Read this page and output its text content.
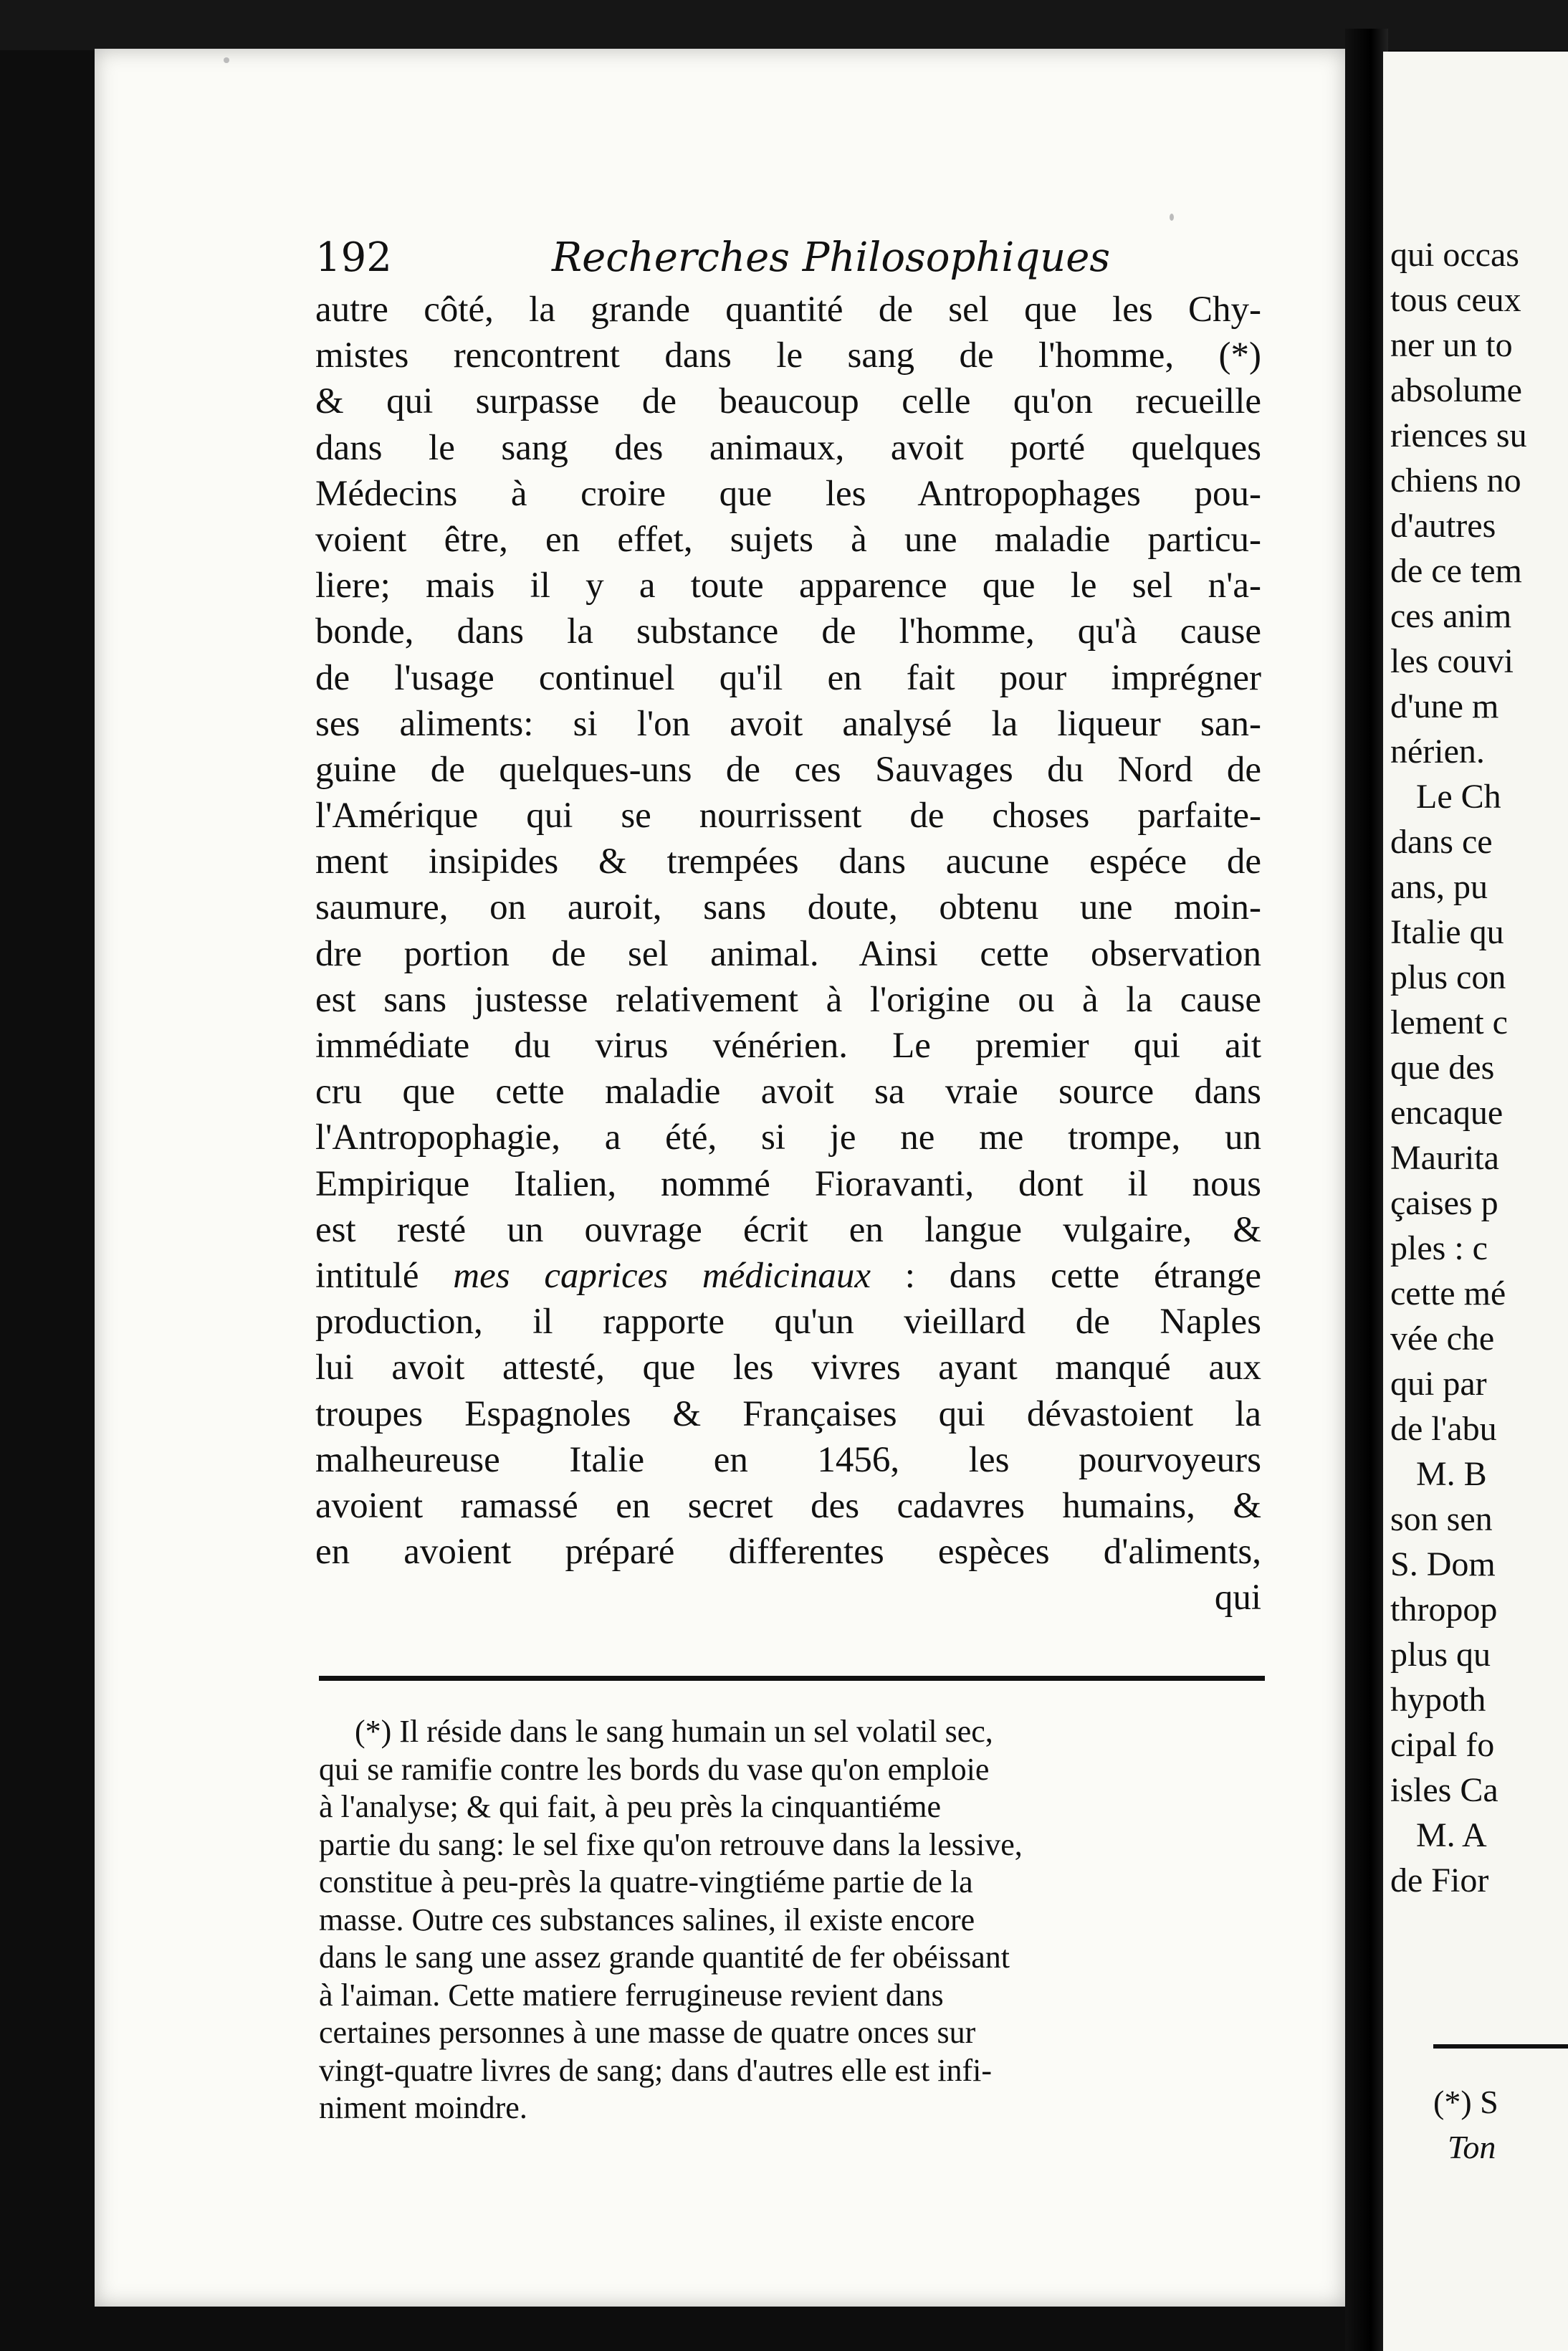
192	Recherches Philosophiques
autre côté, la grande quantité de sel que les Chy-
mistes rencontrent dans le sang de l'homme, (*)
& qui surpasse de beaucoup celle qu'on recueille
dans le sang des animaux, avoit porté quelques
Médecins à croire que les Antropophages pou-
voient être, en effet, sujets à une maladie particu-
liere; mais il y a toute apparence que le sel n'a-
bonde, dans la substance de l'homme, qu'à cause
de l'usage continuel qu'il en fait pour imprégner
ses aliments: si l'on avoit analysé la liqueur san-
guine de quelques-uns de ces Sauvages du Nord de
l'Amérique qui se nourrissent de choses parfaite-
ment insipides & trempées dans aucune espéce de
saumure, on auroit, sans doute, obtenu une moin-
dre portion de sel animal. Ainsi cette observation
est sans justesse relativement à l'origine ou à la cause
immédiate du virus vénérien. Le premier qui ait
cru que cette maladie avoit sa vraie source dans
l'Antropophagie, a été, si je ne me trompe, un
Empirique Italien, nommé Fioravanti, dont il nous
est resté un ouvrage écrit en langue vulgaire, &
intitulé mes caprices médicinaux : dans cette étrange
production, il rapporte qu'un vieillard de Naples
lui avoit attesté, que les vivres ayant manqué aux
troupes Espagnoles & Françaises qui dévastoient la
malheureuse Italie en 1456, les pourvoyeurs
avoient ramassé en secret des cadavres humains, &
en avoient préparé differentes espèces d'aliments,
qui
(*) Il réside dans le sang humain un sel volatil sec,
qui se ramifie contre les bords du vase qu'on emploie
à l'analyse; & qui fait, à peu près la cinquantiéme
partie du sang: le sel fixe qu'on retrouve dans la lessive,
constitue à peu-près la quatre-vingtiéme partie de la
masse. Outre ces substances salines, il existe encore
dans le sang une assez grande quantité de fer obéissant
à l'aiman. Cette matiere ferrugineuse revient dans
certaines personnes à une masse de quatre onces sur
vingt-quatre livres de sang; dans d'autres elle est infi-
niment moindre.
qui occas
tous ceux
ner un to
absolume
riences su
chiens no
d'autres
de ce tem
ces anim
les couvi
d'une m
nérien.
Le Ch
dans ce
ans, pu
Italie qu
plus con
lement c
que des
encaque
Maurita
çaises p
ples : c
cette mé
vée che
qui par
de l'abu
M. B
son sen
S. Dom
thropop
plus qu
hypoth
cipal fo
isles Ca
M. A
de Fior
(*) S
Ton
